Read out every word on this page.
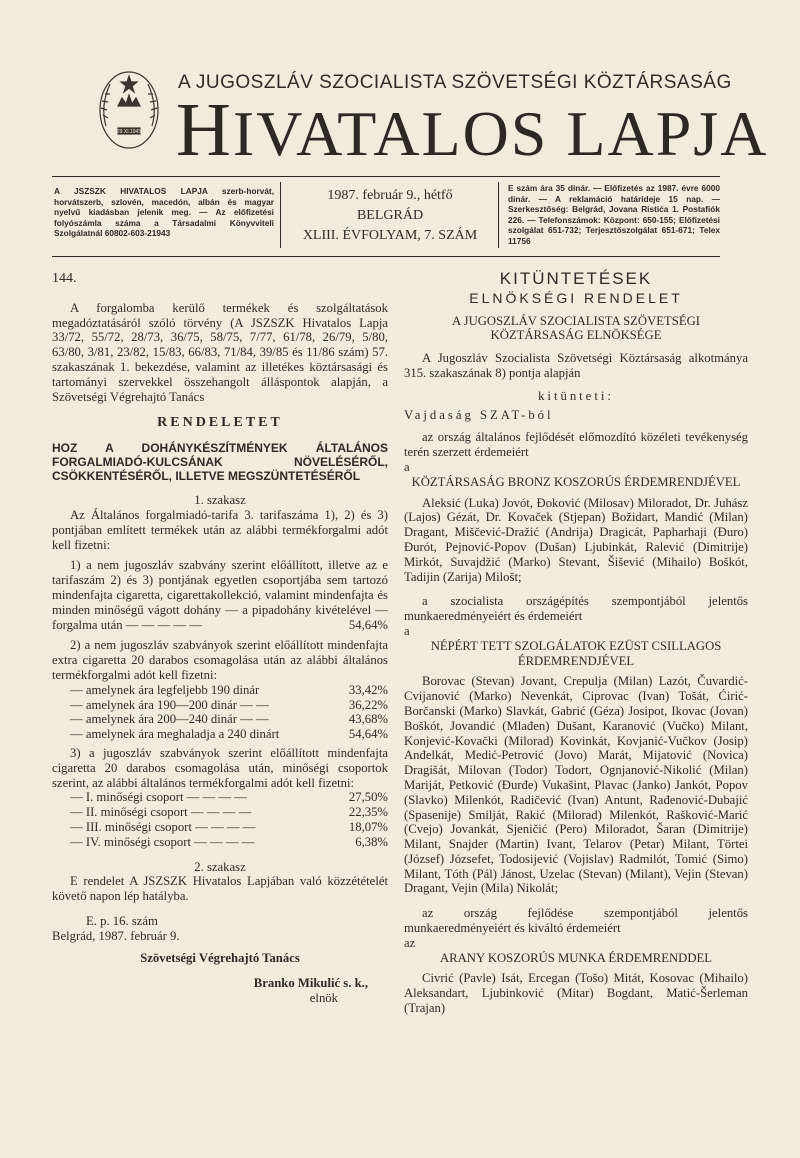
29.XI.1943
A JUGOSZLÁV SZOCIALISTA SZÖVETSÉGI KÖZTÁRSASÁG
HIVATALOS LAPJA
A JSZSZK HIVATALOS LAPJA szerb-horvát, horvátszerb, szlovén, macedón, albán és magyar nyelvű kiadásban jelenik meg. — Az előfizetési folyószámla száma a Társadalmi Könyvviteli Szolgálatnál 60802-603-21943
1987. február 9., hétfő
BELGRÁD
XLIII. ÉVFOLYAM, 7. SZÁM
E szám ára 35 dinár. — Előfizetés az 1987. évre 6000 dinár. — A reklamáció határideje 15 nap. — Szerkesztőség: Belgrád, Jovana Ristića 1. Postafiók 226. — Telefonszámok: Központ: 650-155; Előfizetési szolgálat 651-732; Terjesztőszolgálat 651-671; Telex 11756

144.

A forgalomba kerülő termékek és szolgáltatások megadóztatásáról szóló törvény (A JSZSZK Hivatalos Lapja 33/72, 55/72, 28/73, 36/75, 58/75, 7/77, 61/78, 26/79, 5/80, 63/80, 3/81, 23/82, 15/83, 66/83, 71/84, 39/85 és 11/86 szám) 57. szakaszának 1. bekezdése, valamint az illetékes köztársasági és tartományi szervekkel összehangolt álláspontok alapján, a Szövetségi Végrehajtó Tanács

RENDELETET

HOZ A DOHÁNYKÉSZÍTMÉNYEK ÁLTALÁNOS FORGALMIADÓ-KULCSÁNAK NÖVELÉSÉRŐL, CSÖKKENTÉSÉRŐL, ILLETVE MEGSZÜNTETÉSÉRŐL

1. szakasz

Az Általános forgalmiadó-tarifa 3. tarifaszáma 1), 2) és 3) pontjában említett termékek után az alábbi termékforgalmi adót kell fizetni:

1) a nem jugoszláv szabvány szerint előállított, illetve az e tarifaszám 2) és 3) pontjának egyetlen csoportjába sem tartozó mindenfajta cigaretta, cigarettakollekció, valamint mindenfajta és minden minőségű vágott dohány — a pipadohány kivételével — forgalma után — — — — —	54,64%

2) a nem jugoszláv szabványok szerint előállított mindenfajta extra cigaretta 20 darabos csomagolása után az alábbi általános termékforgalmi adót kell fizetni:

— amelynek ára legfeljebb 190 dinár	33,42%
— amelynek ára 190—200 dinár — —	36,22%
— amelynek ára 200—240 dinár — —	43,68%
— amelynek ára meghaladja a 240 dinárt	54,64%

3) a jugoszláv szabványok szerint előállított mindenfajta cigaretta 20 darabos csomagolása után, minőségi csoportok szerint, az alábbi általános termékforgalmi adót kell fizetni:

— I. minőségi csoport — — — —	27,50%
— II. minőségi csoport — — — —	22,35%
— III. minőségi csoport — — — —	18,07%
— IV. minőségi csoport — — — —	6,38%

2. szakasz

E rendelet A JSZSZK Hivatalos Lapjában való közzétételét követő napon lép hatályba.

E. p. 16. szám

Belgrád, 1987. február 9.

Szövetségi Végrehajtó Tanács

Branko Mikulić s. k.,

elnök

KITÜNTETÉSEK

ELNÖKSÉGI RENDELET

A JUGOSZLÁV SZOCIALISTA SZÖVETSÉGI KÖZTÁRSASÁG ELNÖKSÉGE

A Jugoszláv Szocialista Szövetségi Köztársaság alkotmánya 315. szakaszának 8) pontja alapján

kitünteti:

Vajdaság SZAT-ból

az ország általános fejlődését előmozdító közéleti tevékenység terén szerzett érdemeiért

a

KÖZTÁRSASÁG BRONZ KOSZORÚS ÉRDEMRENDJÉVEL

Aleksić (Luka) Jovót, Đoković (Milosav) Miloradot, Dr. Juhász (Lajos) Gézát, Dr. Kovaček (Stjepan) Božidart, Mandić (Milan) Dragant, Miščević-Dražić (Andrija) Dragicát, Papharhaji (Đuro) Đurót, Pejnović-Popov (Dušan) Ljubinkát, Ralević (Dimitrije) Mirkót, Suvajdžić (Marko) Stevant, Šišević (Mihailo) Boškót, Tadijin (Zarija) Milošt;

a szocialista országépítés szempontjából jelentős munkaeredményeiért és érdemeiért

a

NÉPÉRT TETT SZOLGÁLATOK EZÜST CSILLAGOS ÉRDEMRENDJÉVEL

Borovac (Stevan) Jovant, Crepulja (Milan) Lazót, Čuvardić-Cvijanović (Marko) Nevenkát, Ciprovac (Ivan) Tošát, Ćirić-Borčanski (Marko) Slavkát, Gabrić (Géza) Josipot, Ikovac (Jovan) Boškót, Jovandić (Mlađen) Dušant, Karanović (Vučko) Milant, Konjević-Kovački (Milorad) Kovinkát, Kovjanić-Vučkov (Josip) Anđelkát, Medić-Petrović (Jovo) Marát, Mijatović (Novica) Dragišát, Milovan (Todor) Todort, Ognjanović-Nikolić (Milan) Mariját, Petković (Đurđe) Vukašint, Plavac (Janko) Jankót, Popov (Slavko) Milenkót, Radičević (Ivan) Antunt, Rađenović-Dubajić (Spasenije) Smilját, Rakić (Milorad) Milenkót, Rašković-Marić (Cvejo) Jovankát, Sjeničić (Pero) Miloradot, Šaran (Dimitrije) Milant, Snajder (Martin) Ivant, Telarov (Petar) Milant, Törtei (József) Józsefet, Todosijević (Vojislav) Radmilót, Tomić (Simo) Milant, Tóth (Pál) Jánost, Uzelac (Stevan) (Milant), Vejin (Stevan) Dragant, Vejin (Mila) Nikolát;

az ország fejlődése szempontjából jelentős munkaeredményeiért és kiváltó érdemeiért

az

ARANY KOSZORÚS MUNKA ÉRDEMRENDDEL

Civrić (Pavle) Isát, Ercegan (Tošo) Mitát, Kosovac (Mihailo) Aleksandart, Ljubinković (Mitar) Bogdant, Matić-Šerleman (Trajan)
